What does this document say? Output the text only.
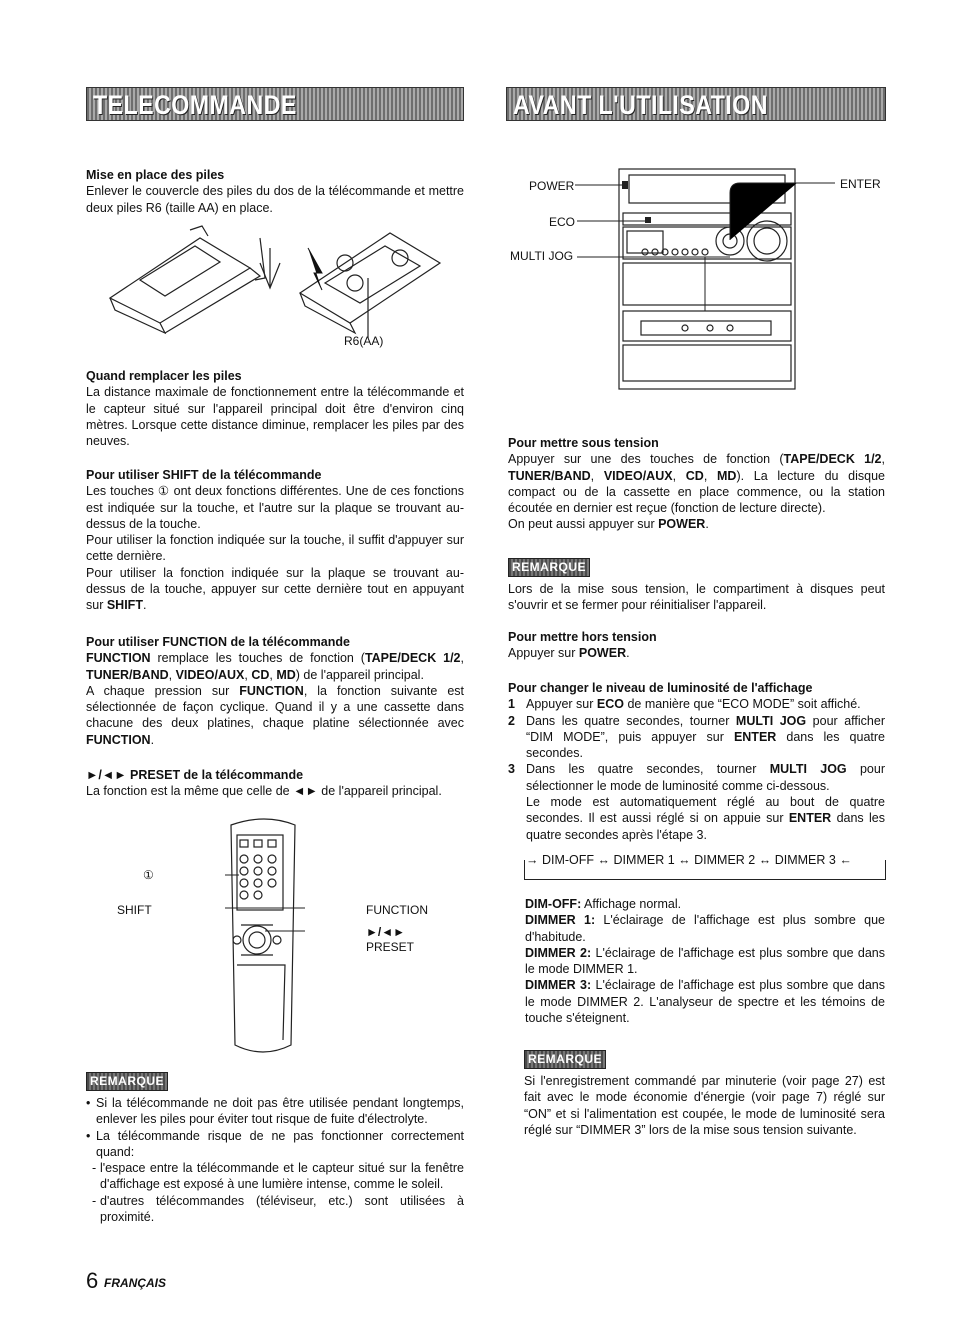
TELECOMMANDE	AVANT L'UTILISATION
Mise en place des piles

Enlever le couvercle des piles du dos de la télécommande et mettre deux piles R6 (taille AA) en place.

R6(AA)
Quand remplacer les piles

La distance maximale de fonctionnement entre la télécommande et le capteur situé sur l'appareil principal doit être d'environ cinq mètres. Lorsque cette distance diminue, remplacer les piles par des neuves.

Pour utiliser SHIFT de la télécommande

Les touches ① ont deux fonctions différentes. Une de ces fonctions est indiquée sur la touche, et l'autre sur la plaque se trouvant au-dessus de la touche.

Pour utiliser la fonction indiquée sur la touche, il suffit d'appuyer sur cette dernière.

Pour utiliser la fonction indiquée sur la plaque se trouvant au-dessus de la touche, appuyer sur cette dernière tout en appuyant sur SHIFT.

Pour utiliser FUNCTION de la télécommande

FUNCTION remplace les touches de fonction (TAPE/DECK 1/2, TUNER/BAND, VIDEO/AUX, CD, MD) de l'appareil principal.

A chaque pression sur FUNCTION, la fonction suivante est sélectionnée de façon cyclique. Quand il y a une cassette dans chacune des deux platines, chaque platine sélectionnée avec FUNCTION.

►/◄► PRESET de la télécommande

La fonction est la même que celle de ◄► de l'appareil principal.

①
SHIFT	FUNCTION
►/◄►
PRESET
REMARQUE
• Si la télécommande ne doit pas être utilisée pendant longtemps, enlever les piles pour éviter tout risque de fuite d'électrolyte.
• La télécommande risque de ne pas fonctionner correctement quand:
- l'espace entre la télécommande et le capteur situé sur la fenêtre d'affichage est exposé à une lumière intense, comme le soleil.
- d'autres télécommandes (téléviseur, etc.) sont utilisées à proximité.
6 FRANÇAIS
POWER
ECO
MULTI JOG
ENTER
Pour mettre sous tension

Appuyer sur une des touches de fonction (TAPE/DECK 1/2, TUNER/BAND, VIDEO/AUX, CD, MD). La lecture du disque compact ou de la cassette en place commence, ou la station écoutée en dernier est reçue (fonction de lecture directe).

On peut aussi appuyer sur POWER.

REMARQUE

Lors de la mise sous tension, le compartiment à disques peut s'ouvrir et se fermer pour réinitialiser l'appareil.

Pour mettre hors tension

Appuyer sur POWER.

Pour changer le niveau de luminosité de l'affichage
1 Appuyer sur ECO de manière que “ECO MODE” soit affiché.
2 Dans les quatre secondes, tourner MULTI JOG pour afficher “DIM MODE”, puis appuyer sur ENTER dans les quatre secondes.
3 Dans les quatre secondes, tourner MULTI JOG pour sélectionner le mode de luminosité comme ci-dessous.
Le mode est automatiquement réglé au bout de quatre secondes. Il est aussi réglé si on appuie sur ENTER dans les quatre secondes après l'étape 3.
→ DIM-OFF ↔ DIMMER 1 ↔ DIMMER 2 ↔ DIMMER 3 ←

DIM-OFF: Affichage normal.

DIMMER 1: L'éclairage de l'affichage est plus sombre que d'habitude.

DIMMER 2: L'éclairage de l'affichage est plus sombre que dans le mode DIMMER 1.

DIMMER 3: L'éclairage de l'affichage est plus sombre que dans le mode DIMMER 2. L'analyseur de spectre et les témoins de touche s'éteignent.

REMARQUE

Si l'enregistrement commandé par minuterie (voir page 27) est fait avec le mode économie d'énergie (voir page 7) réglé sur “ON” et si l'alimentation est coupée, le mode de luminosité sera réglé sur “DIMMER 3” lors de la mise sous tension suivante.
